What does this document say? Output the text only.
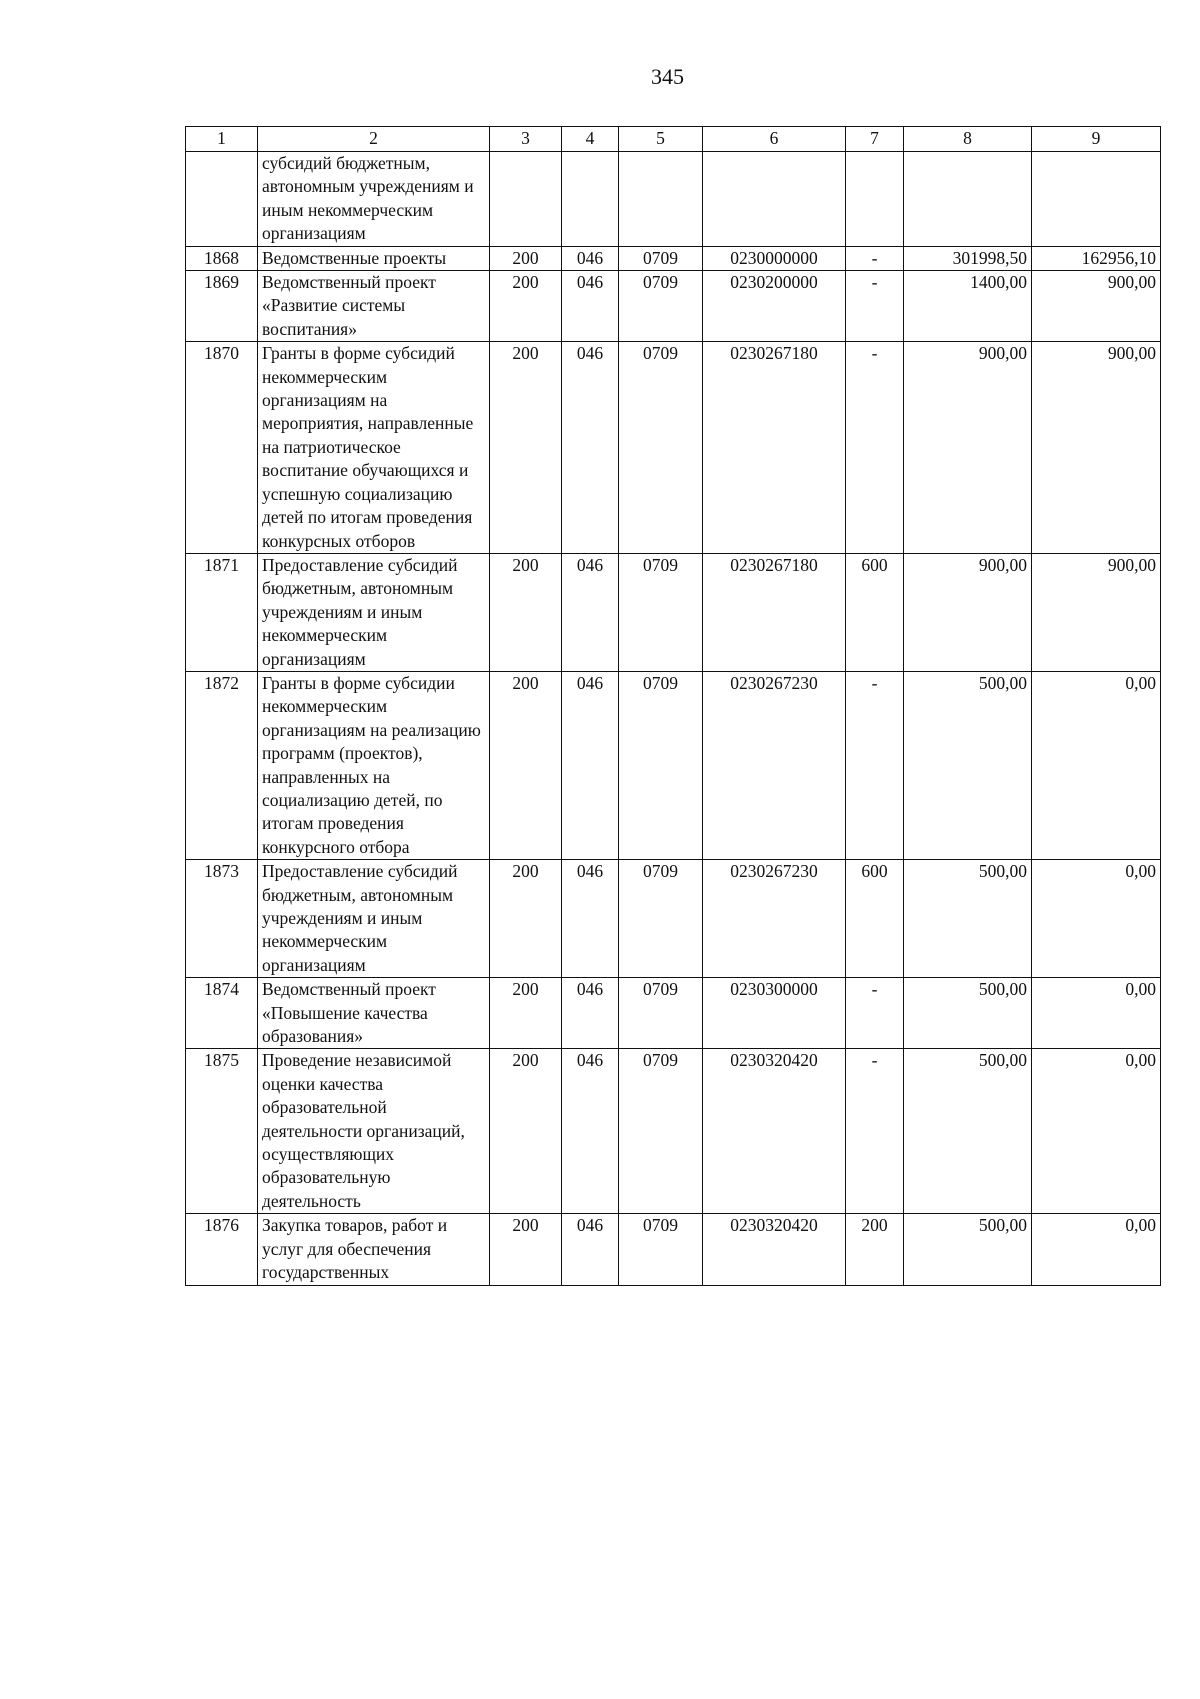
345
1	2	3	4	5	6	7	8	9
	субсидий бюджетным, автономным учреждениям и иным некоммерческим организациям							
1868	Ведомственные проекты	200	046	0709	0230000000	-	301998,50	162956,10
1869	Ведомственный проект «Развитие системы воспитания»	200	046	0709	0230200000	-	1400,00	900,00
1870	Гранты в форме субсидий некоммерческим организациям на мероприятия, направленные на патриотическое воспитание обучающихся и успешную социализацию детей по итогам проведения конкурсных отборов	200	046	0709	0230267180	-	900,00	900,00
1871	Предоставление субсидий бюджетным, автономным учреждениям и иным некоммерческим организациям	200	046	0709	0230267180	600	900,00	900,00
1872	Гранты в форме субсидии некоммерческим организациям на реализацию программ (проектов), направленных на социализацию детей, по итогам проведения конкурсного отбора	200	046	0709	0230267230	-	500,00	0,00
1873	Предоставление субсидий бюджетным, автономным учреждениям и иным некоммерческим организациям	200	046	0709	0230267230	600	500,00	0,00
1874	Ведомственный проект «Повышение качества образования»	200	046	0709	0230300000	-	500,00	0,00
1875	Проведение независимой оценки качества образовательной деятельности организаций, осуществляющих образовательную деятельность	200	046	0709	0230320420	-	500,00	0,00
1876	Закупка товаров, работ и услуг для обеспечения государственных	200	046	0709	0230320420	200	500,00	0,00
